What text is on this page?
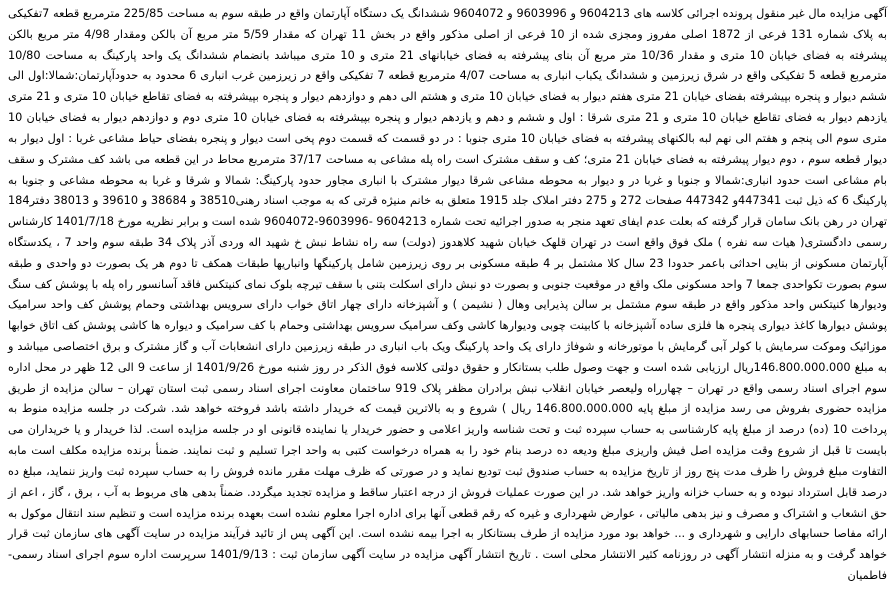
آگهی مزایده مال غیر منقول پرونده اجرائی کلاسه های 9604213 و 9603996 و 9604072 ششدانگ یک دستگاه آپارتمان واقع در طبقه سوم به مساحت 225/85 مترمربع قطعه 7تفکیکی به پلاک شماره 131 فرعی از 1872 اصلی مفروز ومجزی شده از 10 فرعی از اصلی مذکور واقع در بخش 11 تهران که مقدار 5/59 متر مربع آن بالکن ومقدار 4/98 متر مربع بالکن پیشرفته به فضای خیابان 10 متری و مقدار 10/36 متر مربع آن بنای پیشرفته به فضای خیابانهای 21 متری و 10 متری میباشد بانضمام ششدانگ یک واحد پارکینگ به مساحت 10/80 مترمربع قطعه 5 تفکیکی واقع در شرق زیرزمین و ششدانگ یکباب انباری به مساحت 4/07 مترمربع قطعه 7 تفکیکی واقع در زیرزمین غرب انباری 6 محدود به حدودآپارتمان:شمالا:اول الی ششم دیوار و پنجره بپیشرفته بفضای خیابان 21 متری هفتم دیوار به فضای خیابان 10 متری و هشتم الی دهم و دوازدهم دیوار و پنجره بپیشرفته به فضای تقاطع خیابان 10 متری و 21 متری یازدهم دیوار به فضای تقاطع خیابان 10 متری و 21 متری شرقا : اول و ششم و دهم و یازدهم دیوار و پنجره بپیشرفته به فضای خیابان 10 متری دوم و دوازدهم دیوار به فضای خیابان 10 متری سوم الی پنجم و هفتم الی نهم لبه بالکنهای پیشرفته به فضای خیابان 10 متری جنوبا : در دو قسمت که قسمت دوم پخی است دیوار و پنجره بفضای حیاط مشاعی غربا : اول دیوار به دیوار قطعه سوم ، دوم دیوار پیشرفته به فضای خیابان 21 متری؛ کف و سقف مشترک است راه پله مشاعی به مساحت 37/17 مترمربع محاط در این قطعه می باشد کف مشترک و سقف بام مشاعی است حدود انباری:شمالا و جنوبا و غربا در و دیوار به محوطه مشاعی شرقا دیوار مشترک با انباری مجاور حدود پارکینگ: شمالا و شرقا و غربا به محوطه مشاعی و جنوبا به پارکینگ 6 که ذیل ثبت 447341و 447342 صفحات 272 و 275 دفتر املاک جلد 1915 متعلق به خانم منیژه قرتی که به موجب اسناد رهنی38510 و 38684 و 39610 و 38013 دفتر184 تهران در رهن بانک سامان قرار گرفته که بعلت عدم ایفای تعهد منجر به صدور اجرائیه تحت شماره 9604213 -9603996-9604072 شده است و برابر نظریه مورخ 1401/7/18 کارشناس رسمی دادگستری( هیات سه نفره ) ملک فوق واقع است در تهران قلهک خیابان شهید کلاهدوز (دولت) سه راه نشاط نبش خ شهید اله وردی آذر پلاک 34 طبقه سوم واحد 7 ، یکدستگاه آپارتمان مسکونی از بنایی احداثی باعمر حدودا 23 سال کلا مشتمل بر 4 طبقه مسکونی بر روی زیرزمین شامل پارکینگها وانباریها طبقات همکف تا دوم هر یک بصورت دو واحدی و طبقه سوم بصورت تکواحدی جمعا 7 واحد مسکونی ملک واقع در موقعیت جنوبی و بصورت دو نبش دارای اسکلت بتنی با سقف تیرچه بلوک نمای کنیتکس فاقد آسانسور راه پله با پوشش کف سنگ ودیوارها کنیتکس واحد مذکور واقع در طبقه سوم مشتمل بر سالن پذیرایی وهال ( نشیمن ) و آشپزخانه دارای چهار اتاق خواب دارای سرویس بهداشتی وحمام پوشش کف واحد سرامیک پوشش دیوارها کاغذ دیواری پنجره ها فلزی ساده آشپزخانه با کابینت چوبی ودیوارها کاشی وکف سرامیک سرویس بهداشتی وحمام با کف سرامیک و دیواره ها کاشی پوشش کف اتاق خوابها موزائیک وموکت سرمایش با کولر آبی گرمایش با موتورخانه و شوفاژ دارای یک واحد پارکینگ ویک باب انباری در طبقه زیرزمین دارای انشعابات آب و گاز مشترک و برق اختصاصی میباشد و به مبلغ 146.800.000.000ریال ارزیابی شده است و جهت وصول طلب بستانکار و حقوق دولتی کلاسه فوق الذکر در روز شنبه مورخ 1401/9/26 از ساعت 9 الی 12 ظهر در محل اداره سوم اجرای اسناد رسمی واقع در تهران – چهارراه ولیعصر خیابان انقلاب نبش برادران مظفر پلاک 919 ساختمان معاونت اجرای اسناد رسمی ثبت استان تهران – سالن مزایده از طریق مزایده حضوری بفروش می رسد مزایده از مبلغ پایه 146.800.000.000 ریال ) شروع و به بالاترین قیمت که خریدار داشته باشد فروخته خواهد شد. شرکت در جلسه مزایده منوط به پرداخت 10 (ده) درصد از مبلغ پایه کارشناسی به حساب سپرده ثبت و تحت شناسه واریز اعلامی و حضور خریدار یا نماینده قانونی او در جلسه مزایده است. لذا خریدار و یا خریداران می بایست تا قبل از شروع وقت مزایده اصل فیش واریزی مبلغ ودیعه ده درصد بنام خود را به همراه درخواست کتبی به واحد اجرا تسلیم و ثبت نمایند. ضمنأ برنده مزایده مکلف است مابه التفاوت مبلغ فروش را ظرف مدت پنج روز از تاریخ مزایده به حساب صندوق ثبت تودیع نماید و در صورتی که ظرف مهلت مقرر مانده فروش را به حساب سپرده ثبت واریز ننماید، مبلغ ده درصد قابل استرداد نبوده و به حساب خزانه واریز خواهد شد. در این صورت عملیات فروش از درجه اعتبار ساقط و مزایده تجدید میگردد. ضمناً بدهی های مربوط به آب ، برق ، گاز ، اعم از حق انشعاب و اشتراک و مصرف و نیز بدهی مالیاتی ، عوارض شهرداری و غیره که رقم قطعی آنها برای اداره اجرا معلوم نشده است بعهده برنده مزایده است و تنظیم سند انتقال موکول به ارائه مفاصا حسابهای دارایی و شهرداری و ... خواهد بود مورد مزایده از طرف بستانکار به اجرا بیمه نشده است. این آگهی پس از تائید فرآیند مزایده در سایت آگهی های سازمان ثبت قرار خواهد گرفت و به منزله انتشار آگهی در روزنامه کثیر الانتشار محلی است . تاریخ انتشار آگهی مزایده در سایت آگهی سازمان ثبت : 1401/9/13 سرپرست اداره سوم اجرای اسناد رسمی- فاطمیان
